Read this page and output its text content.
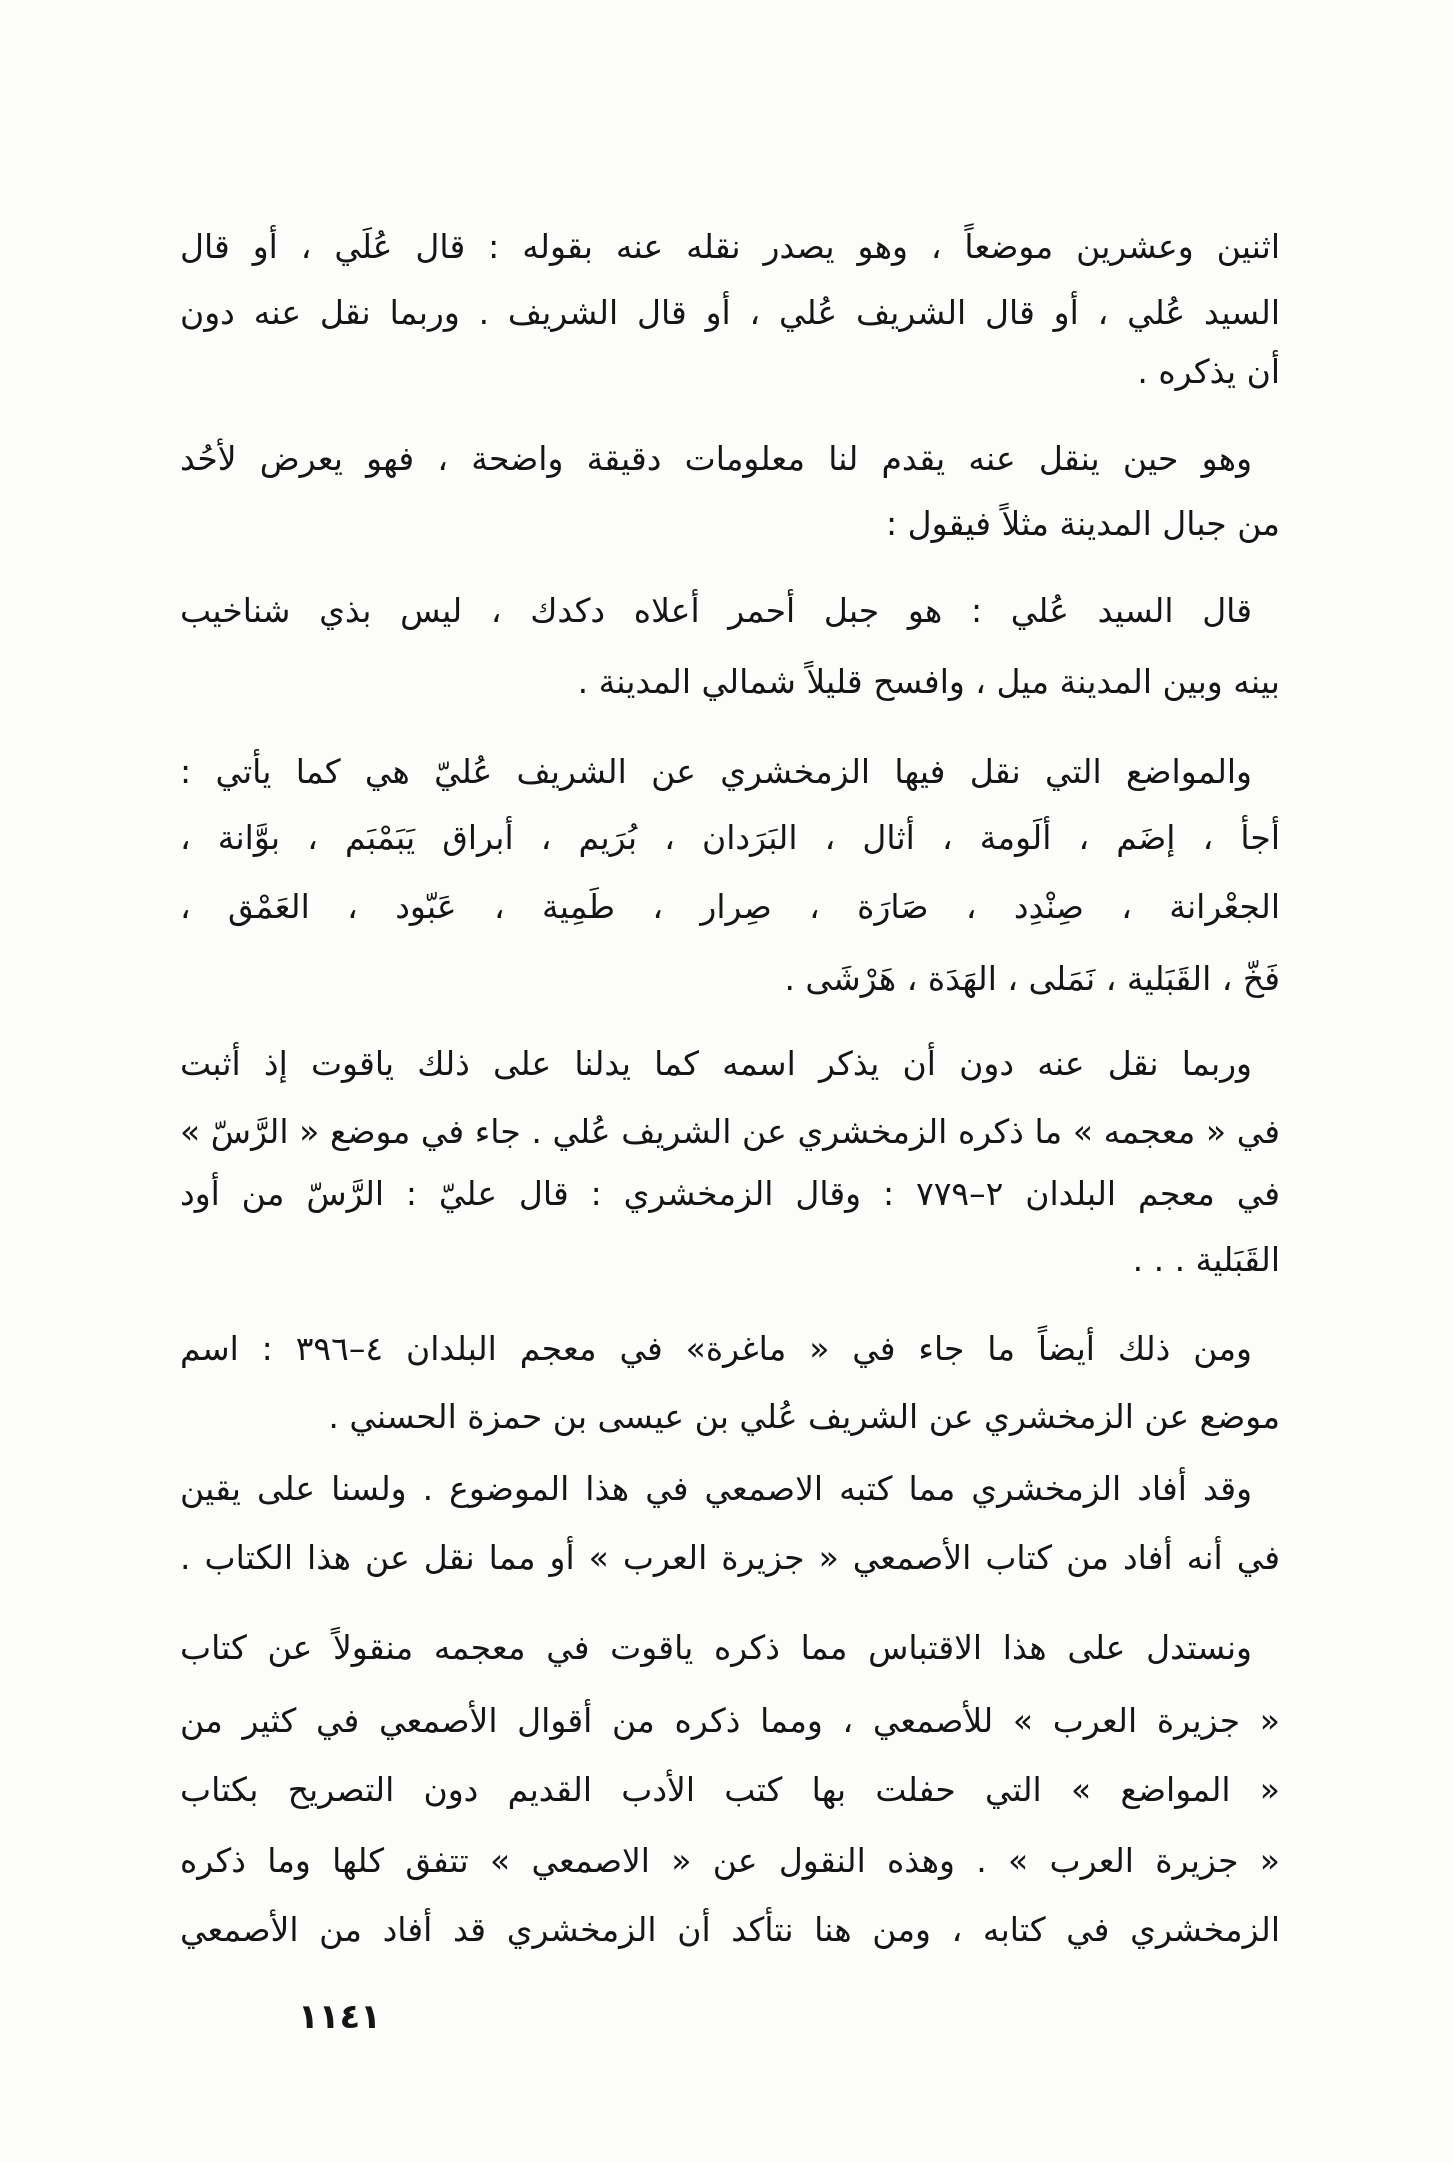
اثنين وعشرين موضعاً ، وهو يصدر نقله عنه بقوله : قال عُلَي ، أو قال
السيد عُلي ، أو قال الشريف عُلي ، أو قال الشريف . وربما نقل عنه دون
أن يذكره .
وهو حين ينقل عنه يقدم لنا معلومات دقيقة واضحة ، فهو يعرض لأحُد
من جبال المدينة مثلاً فيقول :
قال السيد عُلي : هو جبل أحمر أعلاه دكدك ، ليس بذي شناخيب
بينه وبين المدينة ميل ، وافسح قليلاً شمالي المدينة .
والمواضع التي نقل فيها الزمخشري عن الشريف عُليّ هي كما يأتي :
أجأ ، إضَم ، ألَومة ، أثال ، البَرَدان ، بُرَيم ، أبراق يَبَمْبَم ، بوَّانة ،
الجعْرانة ، صِنْدِد ، صَارَة ، صِرار ، طَمِية ، عَبّود ، العَمْق ،
فَخّ ، القَبَلية ، نَمَلى ، الهَدَة ، هَرْشَى .
وربما نقل عنه دون أن يذكر اسمه كما يدلنا على ذلك ياقوت إذ أثبت
في « معجمه » ما ذكره الزمخشري عن الشريف عُلي . جاء في موضع « الرَّسّ »
في معجم البلدان ٢–٧٧٩ : وقال الزمخشري : قال عليّ : الرَّسّ من أود
القَبَلية . . .
ومن ذلك أيضاً ما جاء في « ماغرة» في معجم البلدان ٤–٣٩٦ : اسم
موضع عن الزمخشري عن الشريف عُلي بن عيسى بن حمزة الحسني .
وقد أفاد الزمخشري مما كتبه الاصمعي في هذا الموضوع . ولسنا على يقين
في أنه أفاد من كتاب الأصمعي « جزيرة العرب » أو مما نقل عن هذا الكتاب .
ونستدل على هذا الاقتباس مما ذكره ياقوت في معجمه منقولاً عن كتاب
« جزيرة العرب » للأصمعي ، ومما ذكره من أقوال الأصمعي في كثير من
« المواضع » التي حفلت بها كتب الأدب القديم دون التصريح بكتاب
« جزيرة العرب » . وهذه النقول عن « الاصمعي » تتفق كلها وما ذكره
الزمخشري في كتابه ، ومن هنا نتأكد أن الزمخشري قد أفاد من الأصمعي
١١٤١
